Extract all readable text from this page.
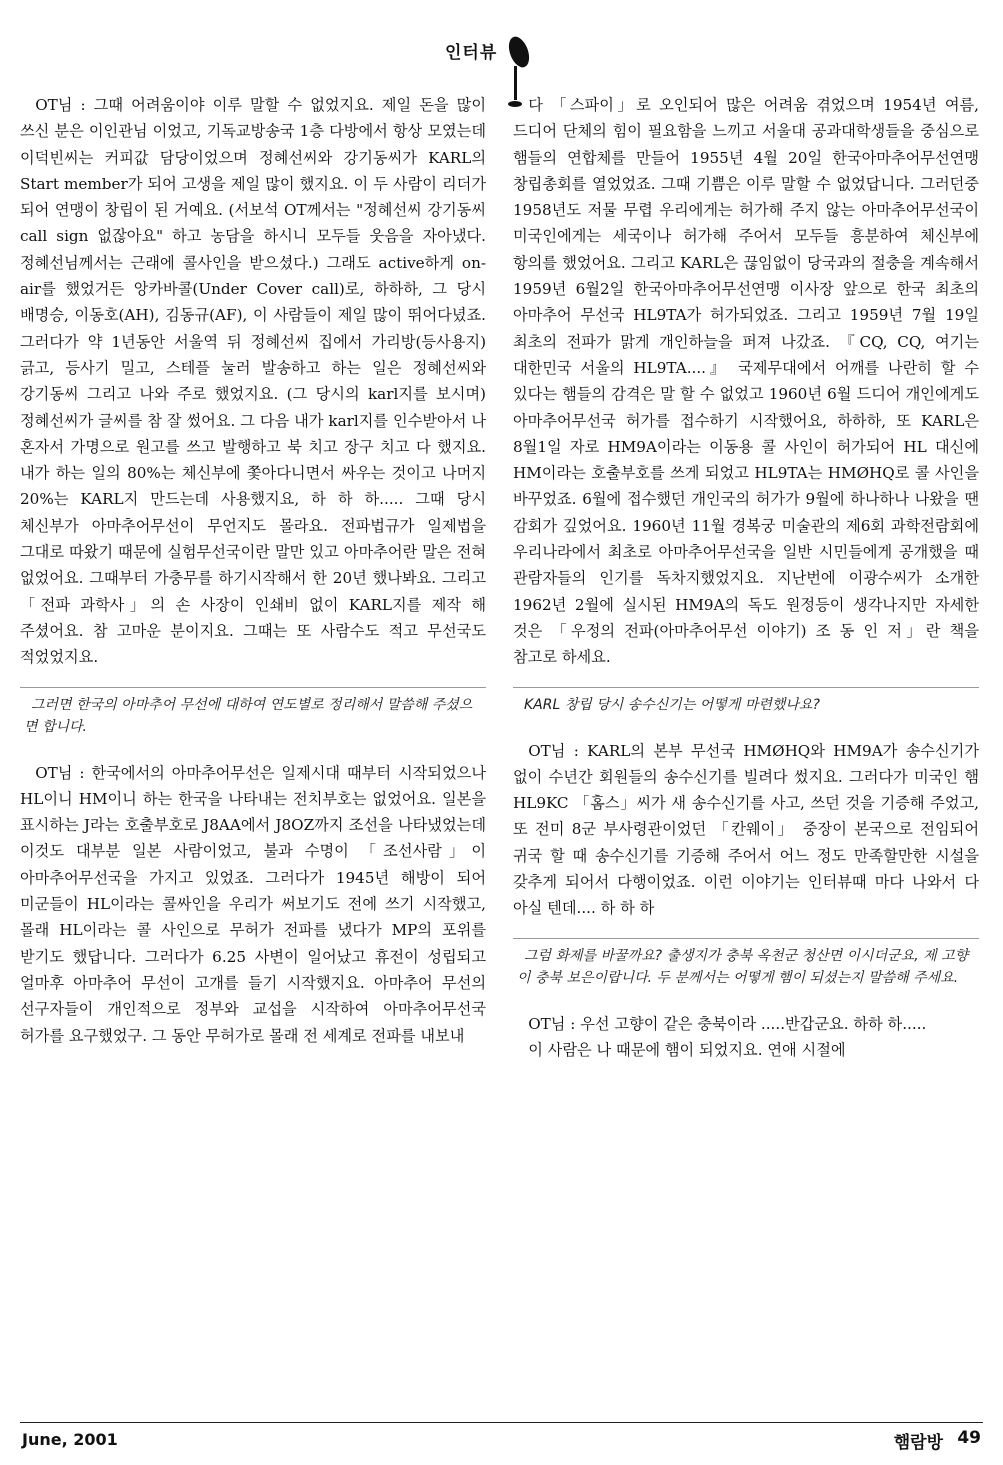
인터뷰

OT님 : 그때 어려움이야 이루 말할 수 없었지요. 제일 돈을 많이 쓰신 분은 이인관님 이었고, 기독교방송국 1층 다방에서 항상 모였는데 이덕빈씨는 커피값 담당이었으며 정혜선씨와 강기동씨가 KARL의 Start member가 되어 고생을 제일 많이 했지요. 이 두 사람이 리더가 되어 연맹이 창립이 된 거예요. (서보석 OT께서는 "정혜선씨 강기동씨 call sign 없잖아요" 하고 농담을 하시니 모두들 웃음을 자아냈다. 정혜선님께서는 근래에 콜사인을 받으셨다.) 그래도 active하게 on-air를 했었거든 앙카바콜(Under Cover call)로, 하하하, 그 당시 배명승, 이동호(AH), 김동규(AF), 이 사람들이 제일 많이 뛰어다녔죠. 그러다가 약 1년동안 서울역 뒤 정혜선씨 집에서 가리방(등사용지) 긁고, 등사기 밀고, 스테플 눌러 발송하고 하는 일은 정혜선씨와 강기동씨 그리고 나와 주로 했었지요. (그 당시의 karl지를 보시며) 정혜선씨가 글씨를 참 잘 썼어요. 그 다음 내가 karl지를 인수받아서 나 혼자서 가명으로 원고를 쓰고 발행하고 북 치고 장구 치고 다 했지요. 내가 하는 일의 80%는 체신부에 쫓아다니면서 싸우는 것이고 나머지 20%는 KARL지 만드는데 사용했지요, 하 하 하..... 그때 당시 체신부가 아마추어무선이 무언지도 몰라요. 전파법규가 일제법을 그대로 따왔기 때문에 실험무선국이란 말만 있고 아마추어란 말은 전혀 없었어요. 그때부터 가충무를 하기시작해서 한 20년 했나봐요. 그리고 「전파 과학사」의 손 사장이 인쇄비 없이 KARL지를 제작 해 주셨어요. 참 고마운 분이지요. 그때는 또 사람수도 적고 무선국도 적었었지요.

그러면 한국의 아마추어 무선에 대하여 연도별로 정리해서 말씀해 주셨으면 합니다.

OT님 : 한국에서의 아마추어무선은 일제시대 때부터 시작되었으나 HL이니 HM이니 하는 한국을 나타내는 전치부호는 없었어요. 일본을 표시하는 J라는 호출부호로 J8AA에서 J8OZ까지 조선을 나타냈었는데 이것도 대부분 일본 사람이었고, 불과 수명이 「조선사람」이 아마추어무선국을 가지고 있었죠. 그러다가 1945년 해방이 되어 미군들이 HL이라는 콜싸인을 우리가 써보기도 전에 쓰기 시작했고, 몰래 HL이라는 콜 사인으로 무허가 전파를 냈다가 MP의 포위를 받기도 했답니다. 그러다가 6.25 사변이 일어났고 휴전이 성립되고 얼마후 아마추어 무선이 고개를 들기 시작했지요. 아마추어 무선의 선구자들이 개인적으로 정부와 교섭을 시작하여 아마추어무선국 허가를 요구했었구. 그 동안 무허가로 몰래 전 세계로 전파를 내보내

다 「스파이」로 오인되어 많은 어려움 겪었으며 1954년 여름, 드디어 단체의 힘이 필요함을 느끼고 서울대 공과대학생들을 중심으로 햄들의 연합체를 만들어 1955년 4월 20일 한국아마추어무선연맹 창립총회를 열었었죠. 그때 기쁨은 이루 말할 수 없었답니다. 그러던중 1958년도 저물 무렵 우리에게는 허가해 주지 않는 아마추어무선국이 미국인에게는 세국이나 허가해 주어서 모두들 흥분하여 체신부에 항의를 했었어요. 그리고 KARL은 끊임없이 당국과의 절충을 계속해서 1959년 6월2일 한국아마추어무선연맹 이사장 앞으로 한국 최초의 아마추어 무선국 HL9TA가 허가되었죠. 그리고 1959년 7월 19일 최초의 전파가 맑게 개인하늘을 퍼져 나갔죠. 『CQ, CQ, 여기는 대한민국 서울의 HL9TA....』 국제무대에서 어깨를 나란히 할 수 있다는 햄들의 감격은 말 할 수 없었고 1960년 6월 드디어 개인에게도 아마추어무선국 허가를 접수하기 시작했어요, 하하하, 또 KARL은 8월1일 자로 HM9A이라는 이동용 콜 사인이 허가되어 HL 대신에 HM이라는 호출부호를 쓰게 되었고 HL9TA는 HMØHQ로 콜 사인을 바꾸었죠. 6월에 접수했던 개인국의 허가가 9월에 하나하나 나왔을 땐 감회가 깊었어요. 1960년 11월 경복궁 미술관의 제6회 과학전람회에 우리나라에서 최초로 아마추어무선국을 일반 시민들에게 공개했을 때 관람자들의 인기를 독차지했었지요. 지난번에 이광수씨가 소개한 1962년 2월에 실시된 HM9A의 독도 원정등이 생각나지만 자세한 것은 「우정의 전파(아마추어무선 이야기) 조 동 인 저」란 책을 참고로 하세요.

KARL 창립 당시 송수신기는 어떻게 마련했나요?

OT님 : KARL의 본부 무선국 HMØHQ와 HM9A가 송수신기가 없이 수년간 회원들의 송수신기를 빌려다 썼지요. 그러다가 미국인 햄 HL9KC 「홈스」씨가 새 송수신기를 사고, 쓰던 것을 기증해 주었고, 또 전미 8군 부사령관이었던 「칸웨이」 중장이 본국으로 전임되어 귀국 할 때 송수신기를 기증해 주어서 어느 정도 만족할만한 시설을 갖추게 되어서 다행이었죠. 이런 이야기는 인터뷰때 마다 나와서 다 아실 텐데.... 하 하 하

그럼 화제를 바꿀까요? 출생지가 충북 옥천군 청산면 이시더군요, 제 고향이 충북 보은이랍니다. 두 분께서는 어떻게 햄이 되셨는지 말씀해 주세요.

OT님 : 우선 고향이 같은 충북이라 .....반갑군요. 하하 하.....

이 사람은 나 때문에 햄이 되었지요. 연애 시절에

June, 2001	햄람방 49
